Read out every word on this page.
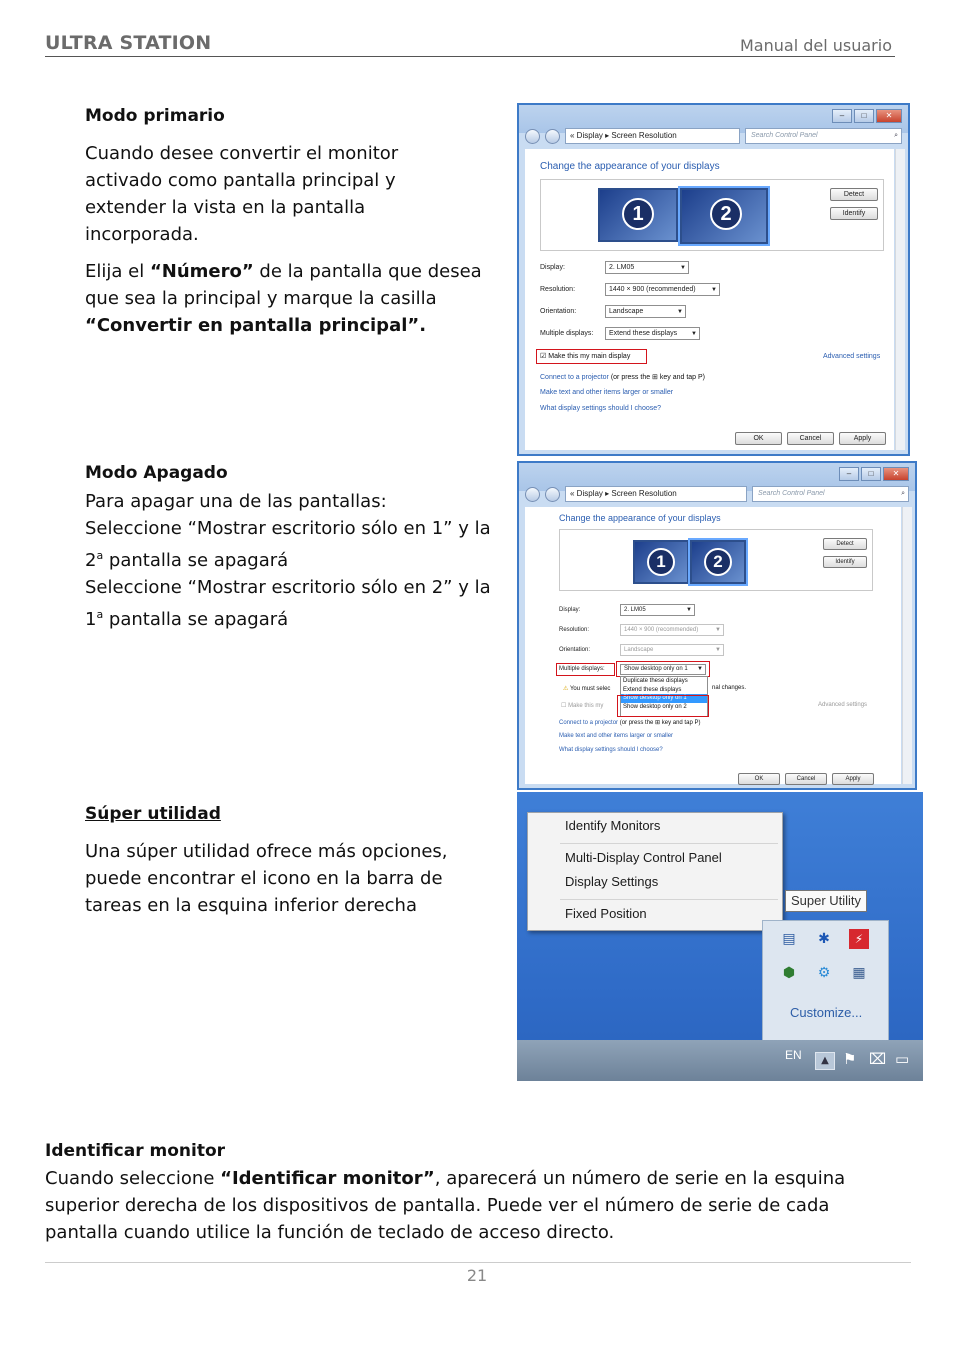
ULTRA STATION	Manual del usuario
Modo primario
Cuando desee convertir el monitor
activado como pantalla principal y
extender la vista en la pantalla
incorporada.
Elija el “Número” de la pantalla que desea
que sea la principal y marque la casilla
“Convertir en pantalla principal”.
–	□	✕
« Display ▸ Screen Resolution	Search Control Panel	⌕
Change the appearance of your displays
1	2
Detect
Identify
Display:	2. LM05	▼
Resolution:	1440 × 900 (recommended)	▼
Orientation:	Landscape	▼
Multiple displays:	Extend these displays ▼
☑ Make this my main display	Advanced settings
Connect to a projector (or press the ⊞ key and tap P)
Make text and other items larger or smaller
What display settings should I choose?
OK	Cancel	Apply
Modo Apagado
Para apagar una de las pantallas:
Seleccione “Mostrar escritorio sólo en 1” y la
2$^a$ pantalla se apagará
Seleccione “Mostrar escritorio sólo en 2” y la
1$^a$ pantalla se apagará
–	□	✕
« Display ▸ Screen Resolution	Search Control Panel	⌕
Change the appearance of your displays
1	2
Detect
Identify
Display:	2. LM05	▼
Resolution:	1440 × 900 (recommended)	▼
Orientation:	Landscape	▼
Multiple displays:	Show desktop only on 1 ▼
Duplicate these displays
Extend these displays
Show desktop only on 1
Show desktop only on 2
⚠ You must selec	nal changes.
☐ Make this my	Advanced settings
Connect to a projector (or press the ⊞ key and tap P)
Make text and other items larger or smaller
What display settings should I choose?
OK	Cancel	Apply
Súper utilidad
Una súper utilidad ofrece más opciones,
puede encontrar el icono en la barra de
tareas en la esquina inferior derecha
Identify Monitors
Multi-Display Control Panel
Display Settings
Fixed Position
▤ ✱	⚡
⬢ ⚙ ▦
Customize...
Super Utility
EN	▲ ⚑ ⌧ ▭
Identificar monitor
Cuando seleccione “Identificar monitor”, aparecerá un número de serie en la esquina
superior derecha de los dispositivos de pantalla. Puede ver el número de serie de cada
pantalla cuando utilice la función de teclado de acceso directo.
21
